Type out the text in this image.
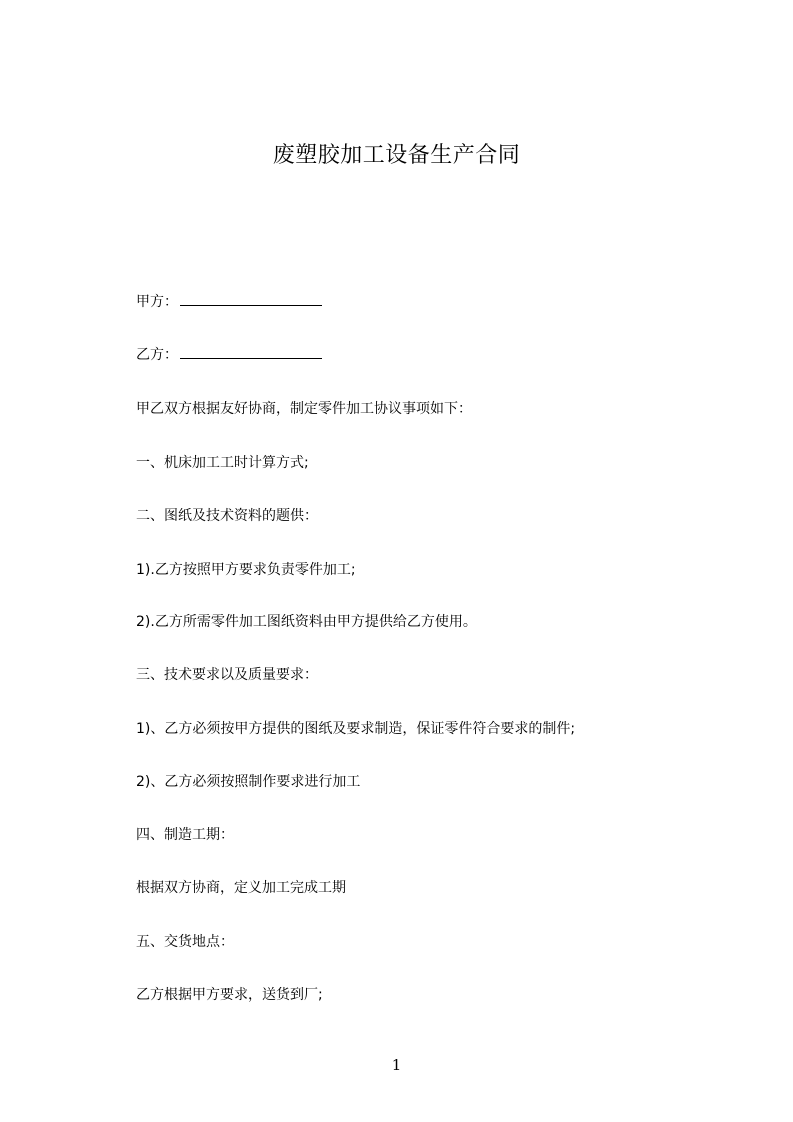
废塑胶加工设备生产合同
甲方：
乙方：
甲乙双方根据友好协商，制定零件加工协议事项如下：
一、机床加工工时计算方式;
二、图纸及技术资料的题供：
1).乙方按照甲方要求负责零件加工;
2).乙方所需零件加工图纸资料由甲方提供给乙方使用。
三、技术要求以及质量要求：
1)、乙方必须按甲方提供的图纸及要求制造，保证零件符合要求的制件;
2)、乙方必须按照制作要求进行加工
四、制造工期：
根据双方协商，定义加工完成工期
五、交货地点：
乙方根据甲方要求，送货到厂;
1
